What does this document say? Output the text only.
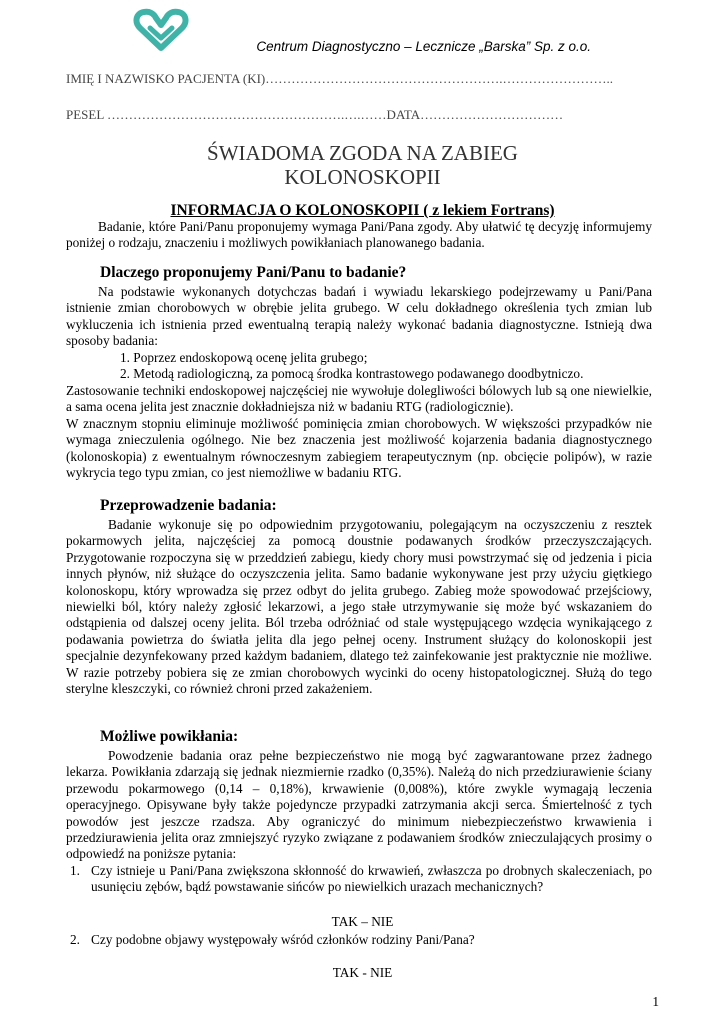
Centrum Diagnostyczno – Lecznicze „Barska” Sp. z o.o.
IMIĘ I NAZWISKO PACJENTA (KI)……………………………………………….……………………..
PESEL ……………………………………………….….……DATA……………………………
ŚWIADOMA ZGODA NA ZABIEG
KOLONOSKOPII
INFORMACJA O KOLONOSKOPII ( z lekiem Fortrans)

Badanie, które Pani/Panu proponujemy wymaga Pani/Pana zgody. Aby ułatwić tę decyzję informujemy poniżej o rodzaju, znaczeniu i możliwych powikłaniach planowanego badania.

Dlaczego proponujemy Pani/Panu to badanie?

Na podstawie wykonanych dotychczas badań i wywiadu lekarskiego podejrzewamy u Pani/Pana istnienie zmian chorobowych w obrębie jelita grubego. W celu dokładnego określenia tych zmian lub wykluczenia ich istnienia przed ewentualną terapią należy wykonać badania diagnostyczne. Istnieją dwa sposoby badania:

1. Poprzez endoskopową ocenę jelita grubego;
2. Metodą radiologiczną, za pomocą środka kontrastowego podawanego doodbytniczo.

Zastosowanie techniki endoskopowej najczęściej nie wywołuje dolegliwości bólowych lub są one niewielkie, a sama ocena jelita jest znacznie dokładniejsza niż w badaniu RTG (radiologicznie).

W znacznym stopniu eliminuje możliwość pominięcia zmian chorobowych. W większości przypadków nie wymaga znieczulenia ogólnego. Nie bez znaczenia jest możliwość kojarzenia badania diagnostycznego (kolonoskopia) z ewentualnym równoczesnym zabiegiem terapeutycznym (np. obcięcie polipów), w razie wykrycia tego typu zmian, co jest niemożliwe w badaniu RTG.

Przeprowadzenie badania:

Badanie wykonuje się po odpowiednim przygotowaniu, polegającym na oczyszczeniu z resztek pokarmowych jelita, najczęściej za pomocą doustnie podawanych środków przeczyszczających. Przygotowanie rozpoczyna się w przeddzień zabiegu, kiedy chory musi powstrzymać się od jedzenia i picia innych płynów, niż służące do oczyszczenia jelita. Samo badanie wykonywane jest przy użyciu giętkiego kolonoskopu, który wprowadza się przez odbyt do jelita grubego. Zabieg może spowodować przejściowy, niewielki ból, który należy zgłosić lekarzowi, a jego stałe utrzymywanie się może być wskazaniem do odstąpienia od dalszej oceny jelita. Ból trzeba odróżniać od stale występującego wzdęcia wynikającego z podawania powietrza do światła jelita dla jego pełnej oceny. Instrument służący do kolonoskopii jest specjalnie dezynfekowany przed każdym badaniem, dlatego też zainfekowanie jest praktycznie nie możliwe. W razie potrzeby pobiera się ze zmian chorobowych wycinki do oceny histopatologicznej. Służą do tego sterylne kleszczyki, co również chroni przed zakażeniem.

Możliwe powikłania:

Powodzenie badania oraz pełne bezpieczeństwo nie mogą być zagwarantowane przez żadnego lekarza. Powikłania zdarzają się jednak niezmiernie rzadko (0,35%). Należą do nich przedziurawienie ściany przewodu pokarmowego (0,14 – 0,18%), krwawienie (0,008%), które zwykle wymagają leczenia operacyjnego. Opisywane były także pojedyncze przypadki zatrzymania akcji serca. Śmiertelność z tych powodów jest jeszcze rzadsza. Aby ograniczyć do minimum niebezpieczeństwo krwawienia i przedziurawienia jelita oraz zmniejszyć ryzyko związane z podawaniem środków znieczulających prosimy o odpowiedź na poniższe pytania:

1. Czy istnieje u Pani/Pana zwiększona skłonność do krwawień, zwłaszcza po drobnych skaleczeniach, po usunięciu zębów, bądź powstawanie sińców po niewielkich urazach mechanicznych?
TAK – NIE
2. Czy podobne objawy występowały wśród członków rodziny Pani/Pana?
TAK - NIE
1
